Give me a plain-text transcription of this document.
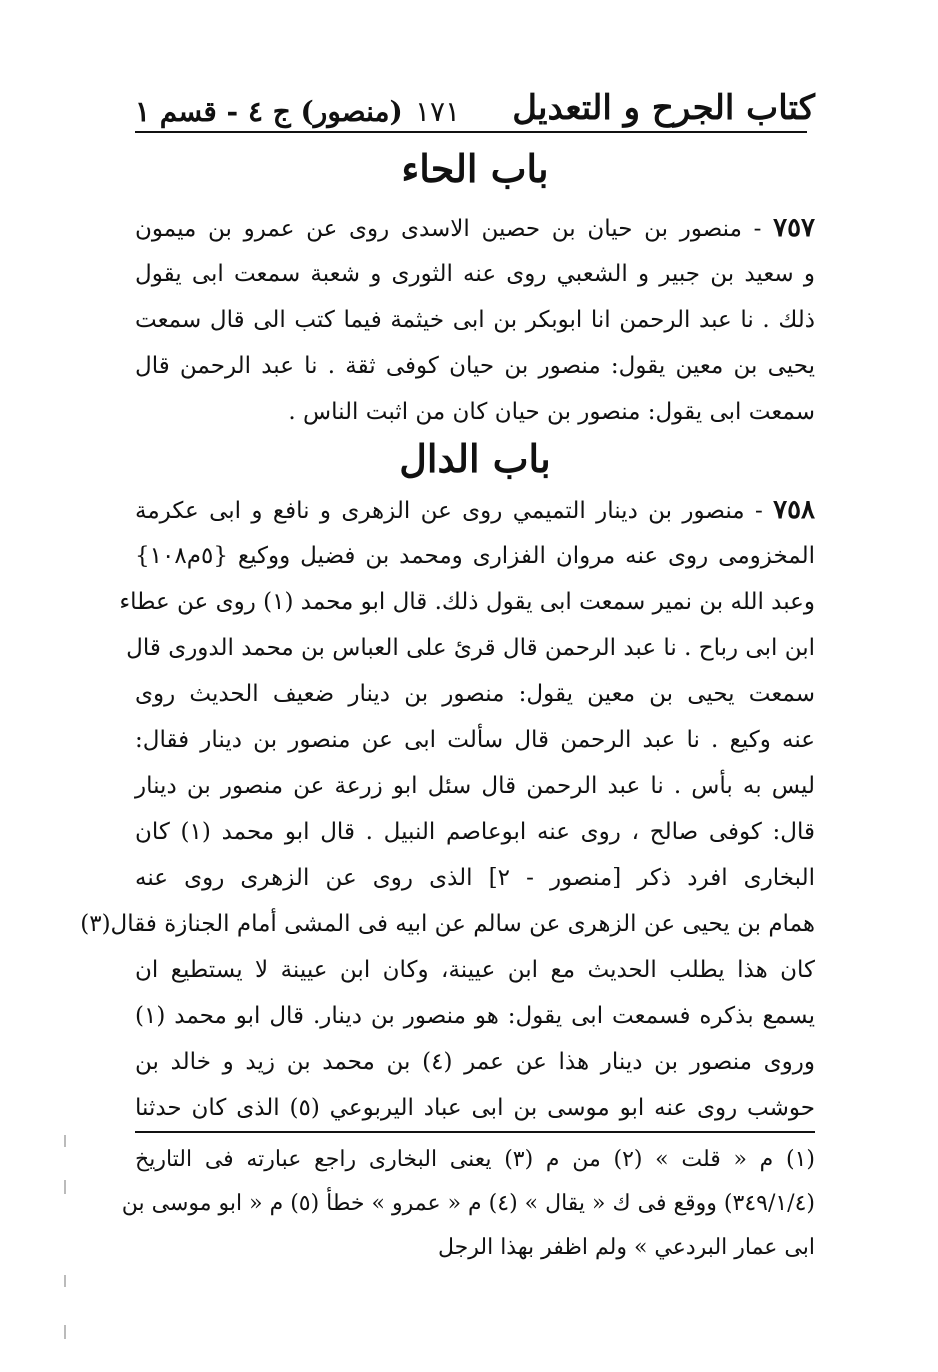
كتاب الجرح و التعديل
١٧١
(منصور) ج ٤ - قسم ١
باب الحاء
٧٥٧ - منصور بن حيان بن حصين الاسدى روى عن عمرو بن ميمون
و سعيد بن جبير و الشعبي روى عنه الثورى و شعبة سمعت ابى يقول
ذلك . نا عبد الرحمن انا ابوبكر بن ابى خيثمة فيما كتب الى قال سمعت
يحيى بن معين يقول: منصور بن حيان كوفى ثقة . نا عبد الرحمن قال
سمعت ابى يقول: منصور بن حيان كان من اثبت الناس .
باب الدال
٧٥٨ - منصور بن دينار التميمي روى عن الزهرى و نافع و ابى عكرمة
المخزومى روى عنه مروان الفزارى ومحمد بن فضيل ووكيع {٥م١٠٨}
وعبد الله بن نمير سمعت ابى يقول ذلك. قال ابو محمد (١) روى عن عطاء
ابن ابى رباح . نا عبد الرحمن قال قرئ على العباس بن محمد الدورى قال
سمعت يحيى بن معين يقول: منصور بن دينار ضعيف الحديث روى
عنه وكيع . نا عبد الرحمن قال سألت ابى عن منصور بن دينار فقال:
ليس به بأس . نا عبد الرحمن قال سئل ابو زرعة عن منصور بن دينار
قال: كوفى صالح ، روى عنه ابوعاصم النبيل . قال ابو محمد (١) كان
البخارى افرد ذكر [منصور - ٢] الذى روى عن الزهرى روى عنه
همام بن يحيى عن الزهرى عن سالم عن ابيه فى المشى أمام الجنازة فقال(٣)
كان هذا يطلب الحديث مع ابن عيينة، وكان ابن عيينة لا يستطيع ان
يسمع بذكره فسمعت ابى يقول: هو منصور بن دينار. قال ابو محمد (١)
وروى منصور بن دينار هذا عن عمر (٤) بن محمد بن زيد و خالد بن
حوشب روى عنه ابو موسى بن ابى عباد اليربوعي (٥) الذى كان حدثنا
(١) م « قلت » (٢) من م (٣) يعنى البخارى راجع عبارته فى التاريخ
(٣٤٩/١/٤) ووقع فى ك « يقال » (٤) م « عمرو » خطأ (٥) م « ابو موسى بن
ابى عمار البردعي » ولم اظفر بهذا الرجل
